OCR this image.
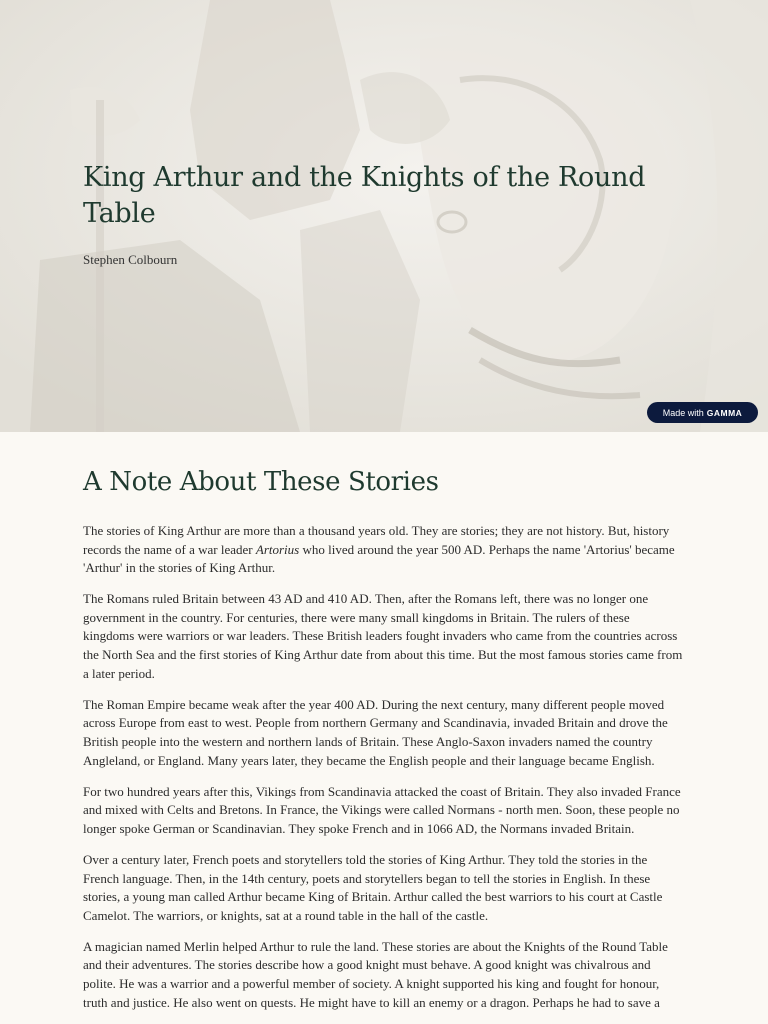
King Arthur and the Knights of the Round Table
Stephen Colbourn
Made with GAMMA
A Note About These Stories

The stories of King Arthur are more than a thousand years old. They are stories; they are not history. But, history records the name of a war leader Artorius who lived around the year 500 AD. Perhaps the name 'Artorius' became 'Arthur' in the stories of King Arthur.

The Romans ruled Britain between 43 AD and 410 AD. Then, after the Romans left, there was no longer one government in the country. For centuries, there were many small kingdoms in Britain. The rulers of these kingdoms were warriors or war leaders. These British leaders fought invaders who came from the countries across the North Sea and the first stories of King Arthur date from about this time. But the most famous stories came from a later period.

The Roman Empire became weak after the year 400 AD. During the next century, many different people moved across Europe from east to west. People from northern Germany and Scandinavia, invaded Britain and drove the British people into the western and northern lands of Britain. These Anglo-Saxon invaders named the country Angleland, or England. Many years later, they became the English people and their language became English.

For two hundred years after this, Vikings from Scandinavia attacked the coast of Britain. They also invaded France and mixed with Celts and Bretons. In France, the Vikings were called Normans - north men. Soon, these people no longer spoke German or Scandinavian. They spoke French and in 1066 AD, the Normans invaded Britain.

Over a century later, French poets and storytellers told the stories of King Arthur. They told the stories in the French language. Then, in the 14th century, poets and storytellers began to tell the stories in English. In these stories, a young man called Arthur became King of Britain. Arthur called the best warriors to his court at Castle Camelot. The warriors, or knights, sat at a round table in the hall of the castle.

A magician named Merlin helped Arthur to rule the land. These stories are about the Knights of the Round Table and their adventures. The stories describe how a good knight must behave. A good knight was chivalrous and polite. He was a warrior and a powerful member of society. A knight supported his king and fought for honour, truth and justice. He also went on quests. He might have to kill an enemy or a dragon. Perhaps he had to save a
